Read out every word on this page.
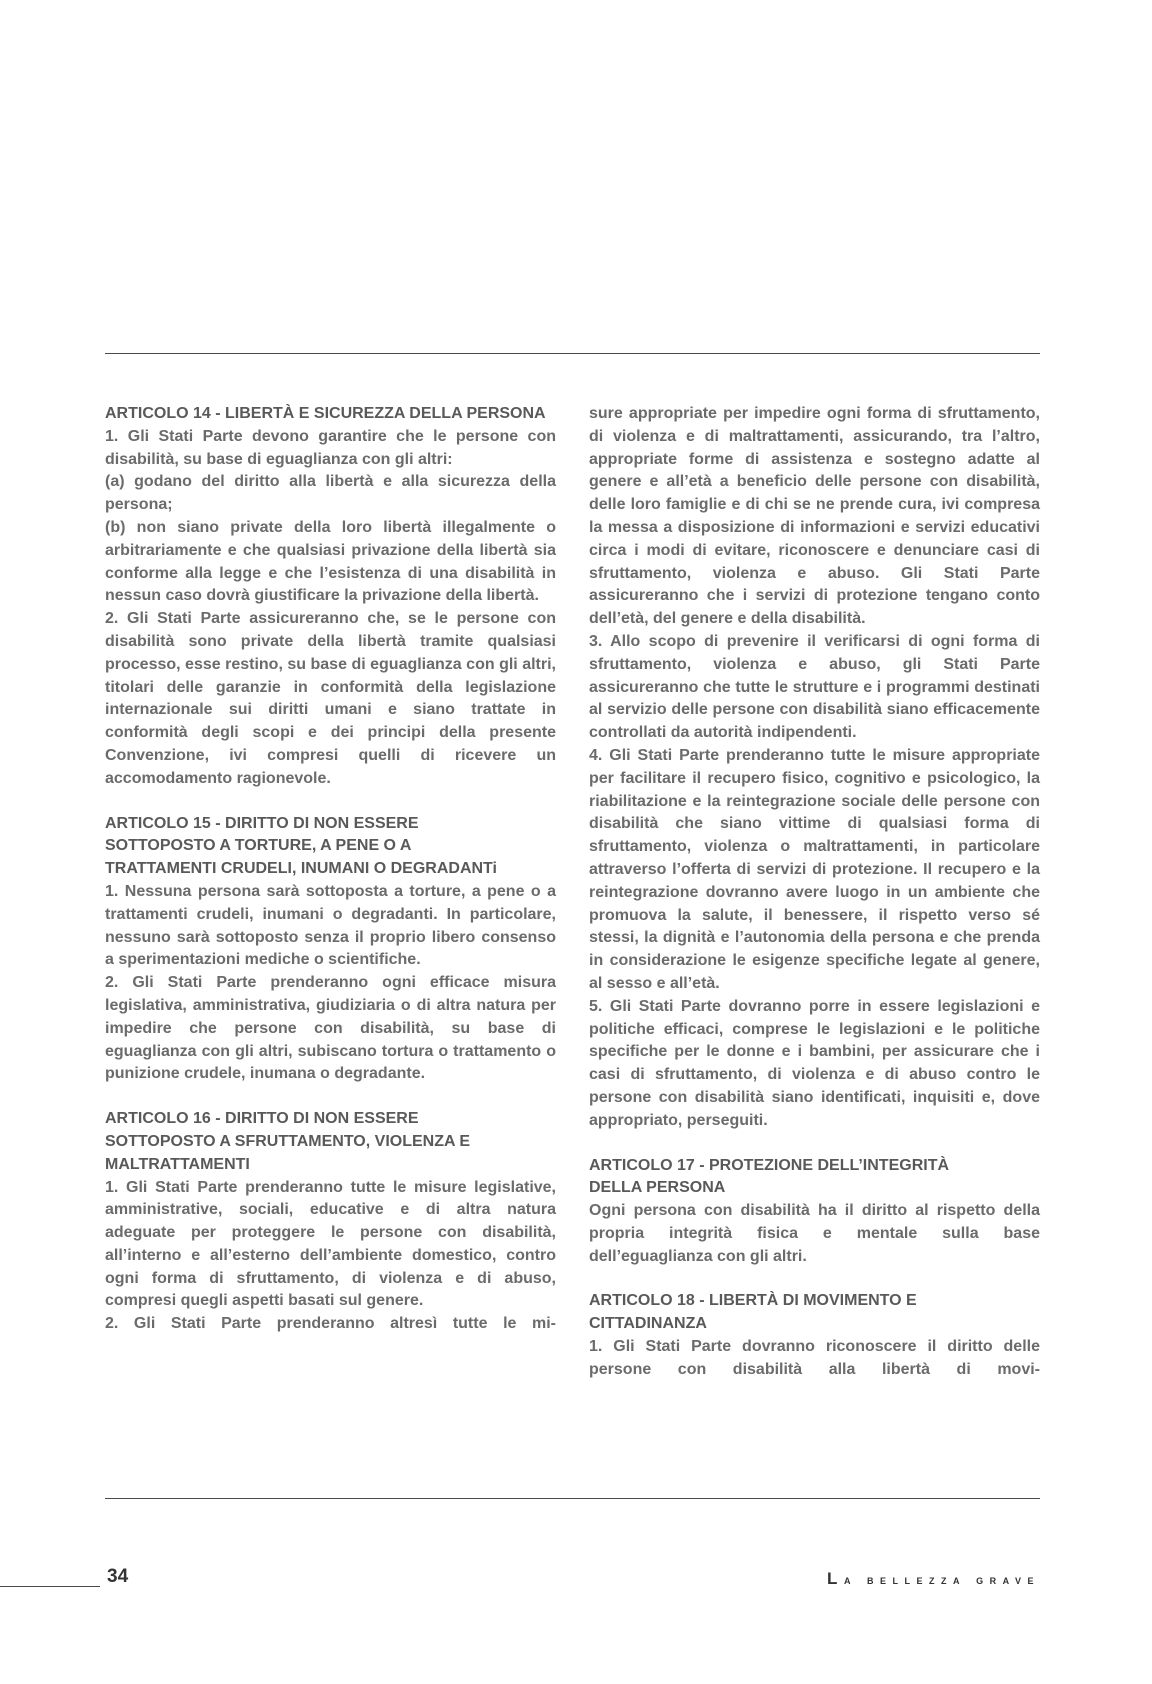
ARTICOLO 14 - LIBERTÀ E SICUREZZA DELLA PERSONA

1. Gli Stati Parte devono garantire che le persone con disabilità, su base di eguaglianza con gli altri:

(a) godano del diritto alla libertà e alla sicurezza della persona;

(b) non siano private della loro libertà illegalmente o arbitrariamente e che qualsiasi privazione della libertà sia conforme alla legge e che l’esistenza di una disabilità in nessun caso dovrà giustificare la privazione della libertà.

2. Gli Stati Parte assicureranno che, se le persone con disabilità sono private della libertà tramite qualsiasi processo, esse restino, su base di eguaglianza con gli altri, titolari delle garanzie in conformità della legislazione internazionale sui diritti umani e siano trattate in conformità degli scopi e dei principi della presente Convenzione, ivi compresi quelli di ricevere un accomodamento ragionevole.

ARTICOLO 15 - DIRITTO DI NON ESSERE
SOTTOPOSTO A TORTURE, A PENE O A
TRATTAMENTI CRUDELI, INUMANI O DEGRADANTi

1. Nessuna persona sarà sottoposta a torture, a pene o a trattamenti crudeli, inumani o degradanti. In particolare, nessuno sarà sottoposto senza il proprio libero consenso a sperimentazioni mediche o scientifiche.

2. Gli Stati Parte prenderanno ogni efficace misura legislativa, amministrativa, giudiziaria o di altra natura per impedire che persone con disabilità, su base di eguaglianza con gli altri, subiscano tortura o trattamento o punizione crudele, inumana o degradante.

ARTICOLO 16 - DIRITTO DI NON ESSERE
SOTTOPOSTO A SFRUTTAMENTO, VIOLENZA E
MALTRATTAMENTI

1. Gli Stati Parte prenderanno tutte le misure legislative, amministrative, sociali, educative e di altra natura adeguate per proteggere le persone con disabilità, all’interno e all’esterno dell’ambiente domestico, contro ogni forma di sfruttamento, di violenza e di abuso, compresi quegli aspetti basati sul genere.

2. Gli Stati Parte prenderanno altresì tutte le mi-

sure appropriate per impedire ogni forma di sfruttamento, di violenza e di maltrattamenti, assicurando, tra l’altro, appropriate forme di assistenza e sostegno adatte al genere e all’età a beneficio delle persone con disabilità, delle loro famiglie e di chi se ne prende cura, ivi compresa la messa a disposizione di informazioni e servizi educativi circa i modi di evitare, riconoscere e denunciare casi di sfruttamento, violenza e abuso. Gli Stati Parte assicureranno che i servizi di protezione tengano conto dell’età, del genere e della disabilità.

3. Allo scopo di prevenire il verificarsi di ogni forma di sfruttamento, violenza e abuso, gli Stati Parte assicureranno che tutte le strutture e i programmi destinati al servizio delle persone con disabilità siano efficacemente controllati da autorità indipendenti.

4. Gli Stati Parte prenderanno tutte le misure appropriate per facilitare il recupero fisico, cognitivo e psicologico, la riabilitazione e la reintegrazione sociale delle persone con disabilità che siano vittime di qualsiasi forma di sfruttamento, violenza o maltrattamenti, in particolare attraverso l’offerta di servizi di protezione. Il recupero e la reintegrazione dovranno avere luogo in un ambiente che promuova la salute, il benessere, il rispetto verso sé stessi, la dignità e l’autonomia della persona e che prenda in considerazione le esigenze specifiche legate al genere, al sesso e all’età.

5. Gli Stati Parte dovranno porre in essere legislazioni e politiche efficaci, comprese le legislazioni e le politiche specifiche per le donne e i bambini, per assicurare che i casi di sfruttamento, di violenza e di abuso contro le persone con disabilità siano identificati, inquisiti e, dove appropriato, perseguiti.

ARTICOLO 17 - PROTEZIONE DELL’INTEGRITÀ
DELLA PERSONA

Ogni persona con disabilità ha il diritto al rispetto della propria integrità fisica e mentale sulla base dell’eguaglianza con gli altri.

ARTICOLO 18 - LIBERTÀ DI MOVIMENTO E
CITTADINANZA

1. Gli Stati Parte dovranno riconoscere il diritto delle persone con disabilità alla libertà di movi-

34	La bellezza grave
